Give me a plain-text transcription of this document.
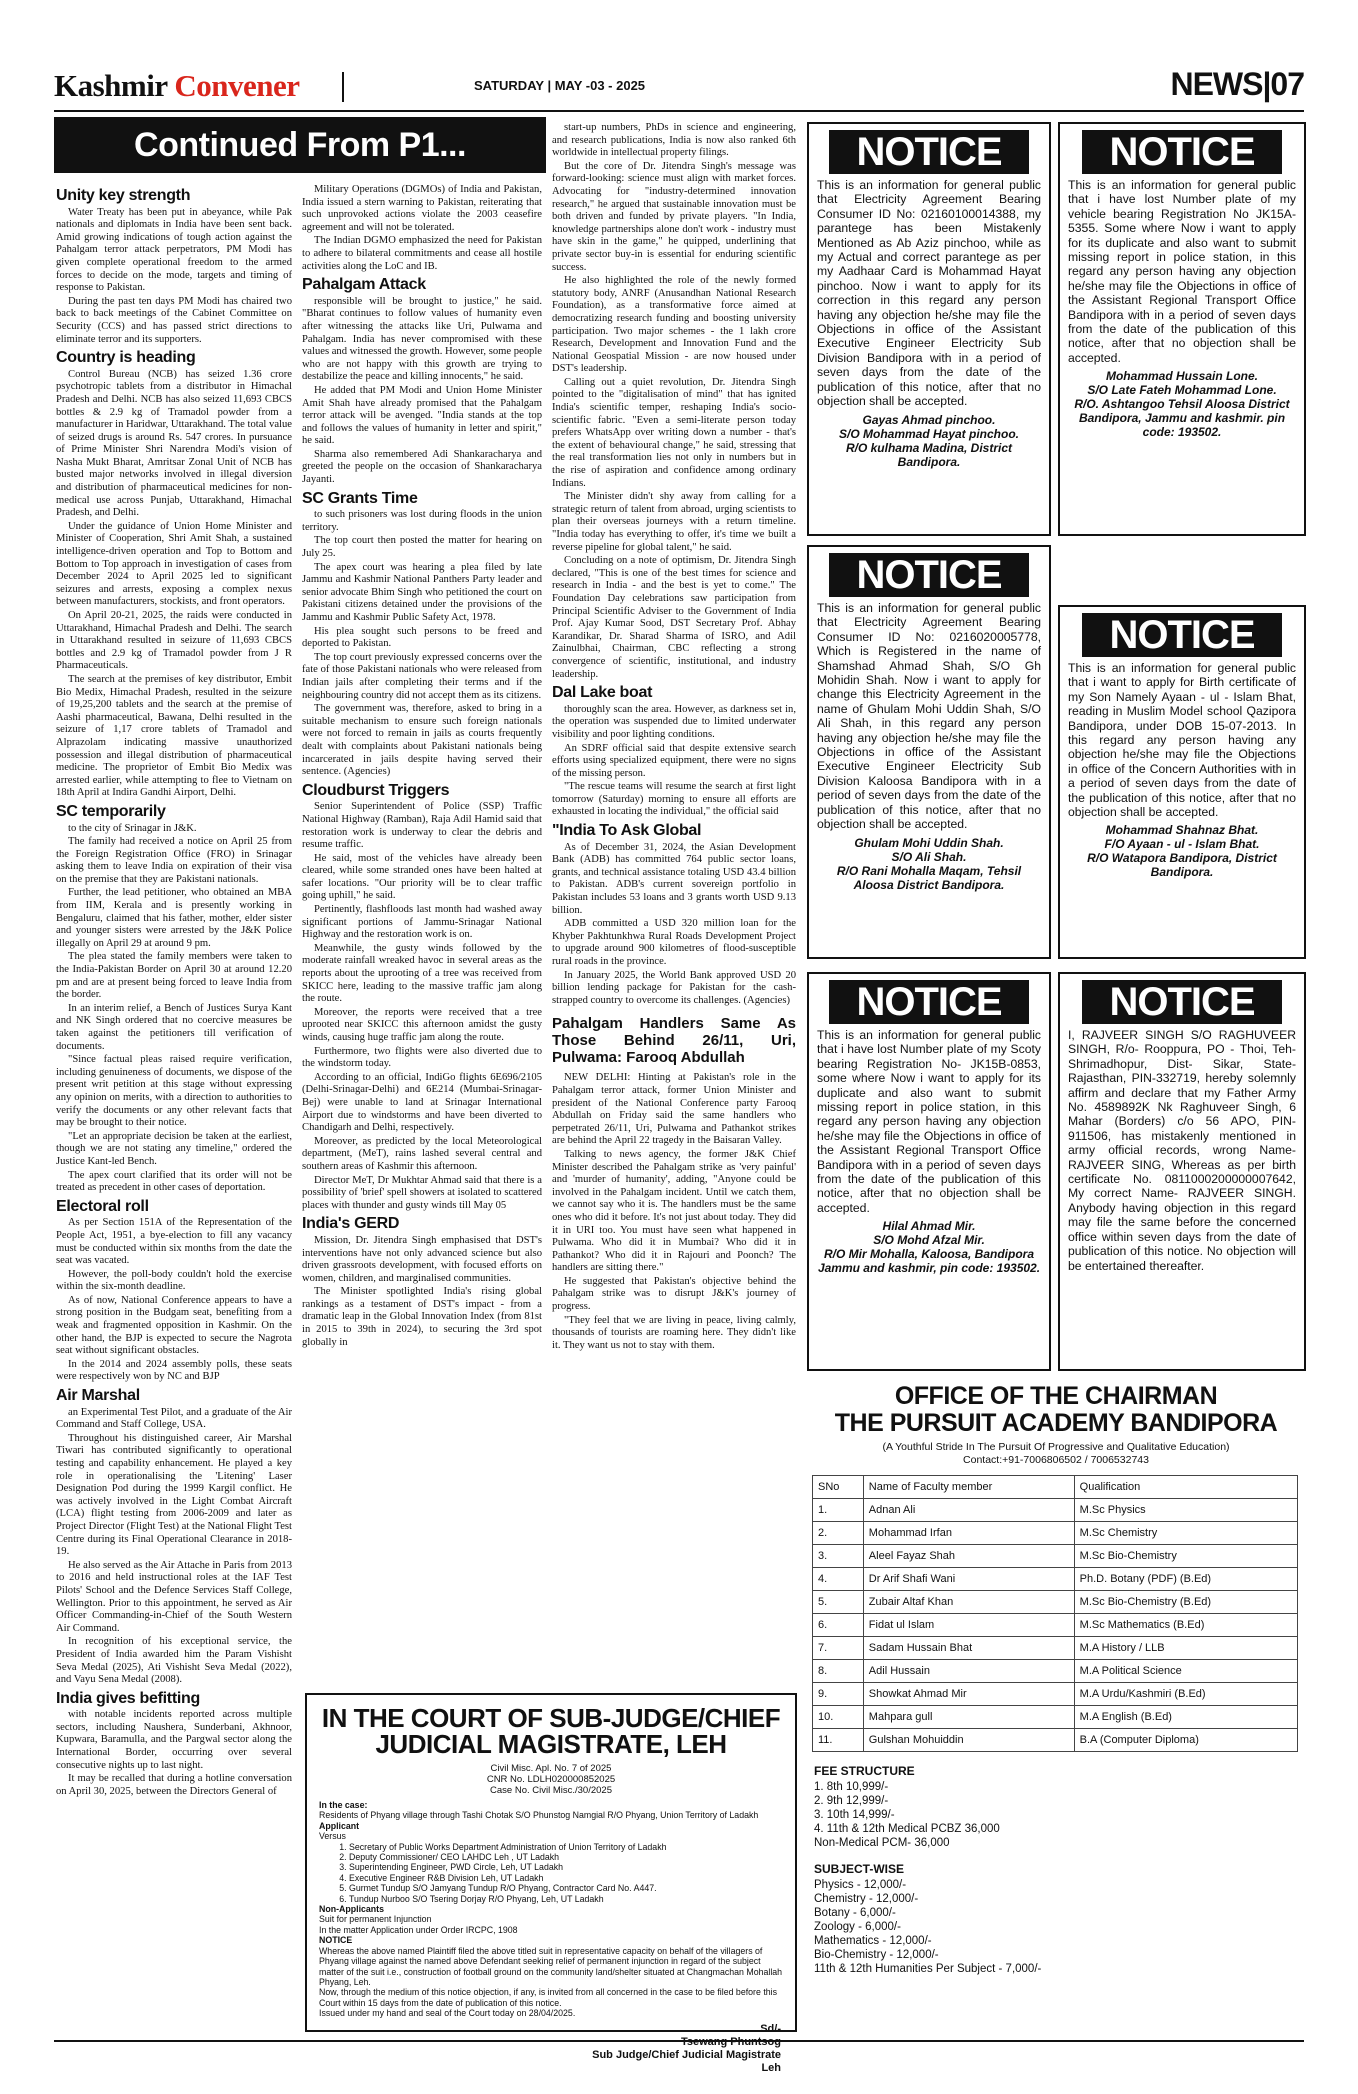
Kashmir Convener	SATURDAY | MAY -03 - 2025	NEWS|07
Continued From P1...
Unity key strength

Water Treaty has been put in abeyance, while Pak nationals and diplomats in India have been sent back. Amid growing indications of tough action against the Pahalgam terror attack perpetrators, PM Modi has given complete operational freedom to the armed forces to decide on the mode, targets and timing of response to Pakistan.

During the past ten days PM Modi has chaired two back to back meetings of the Cabinet Committee on Security (CCS) and has passed strict directions to eliminate terror and its supporters.

Country is heading

Control Bureau (NCB) has seized 1.36 crore psychotropic tablets from a distributor in Himachal Pradesh and Delhi. NCB has also seized 11,693 CBCS bottles & 2.9 kg of Tramadol powder from a manufacturer in Haridwar, Uttarakhand. The total value of seized drugs is around Rs. 547 crores. In pursuance of Prime Minister Shri Narendra Modi's vision of Nasha Mukt Bharat, Amritsar Zonal Unit of NCB has busted major networks involved in illegal diversion and distribution of pharmaceutical medicines for non-medical use across Punjab, Uttarakhand, Himachal Pradesh, and Delhi.

Under the guidance of Union Home Minister and Minister of Cooperation, Shri Amit Shah, a sustained intelligence-driven operation and Top to Bottom and Bottom to Top approach in investigation of cases from December 2024 to April 2025 led to significant seizures and arrests, exposing a complex nexus between manufacturers, stockists, and front operators.

On April 20-21, 2025, the raids were conducted in Uttarakhand, Himachal Pradesh and Delhi. The search in Uttarakhand resulted in seizure of 11,693 CBCS bottles and 2.9 kg of Tramadol powder from J R Pharmaceuticals.

The search at the premises of key distributor, Embit Bio Medix, Himachal Pradesh, resulted in the seizure of 19,25,200 tablets and the search at the premise of Aashi pharmaceutical, Bawana, Delhi resulted in the seizure of 1,17 crore tablets of Tramadol and Alprazolam indicating massive unauthorized possession and illegal distribution of pharmaceutical medicine. The proprietor of Embit Bio Medix was arrested earlier, while attempting to flee to Vietnam on 18th April at Indira Gandhi Airport, Delhi.

SC temporarily

to the city of Srinagar in J&K.

The family had received a notice on April 25 from the Foreign Registration Office (FRO) in Srinagar asking them to leave India on expiration of their visa on the premise that they are Pakistani nationals.

Further, the lead petitioner, who obtained an MBA from IIM, Kerala and is presently working in Bengaluru, claimed that his father, mother, elder sister and younger sisters were arrested by the J&K Police illegally on April 29 at around 9 pm.

The plea stated the family members were taken to the India-Pakistan Border on April 30 at around 12.20 pm and are at present being forced to leave India from the border.

In an interim relief, a Bench of Justices Surya Kant and NK Singh ordered that no coercive measures be taken against the petitioners till verification of documents.

"Since factual pleas raised require verification, including genuineness of documents, we dispose of the present writ petition at this stage without expressing any opinion on merits, with a direction to authorities to verify the documents or any other relevant facts that may be brought to their notice.

"Let an appropriate decision be taken at the earliest, though we are not stating any timeline," ordered the Justice Kant-led Bench.

The apex court clarified that its order will not be treated as precedent in other cases of deportation.

Electoral roll

As per Section 151A of the Representation of the People Act, 1951, a bye-election to fill any vacancy must be conducted within six months from the date the seat was vacated.

However, the poll-body couldn't hold the exercise within the six-month deadline.

As of now, National Conference appears to have a strong position in the Budgam seat, benefiting from a weak and fragmented opposition in Kashmir. On the other hand, the BJP is expected to secure the Nagrota seat without significant obstacles.

In the 2014 and 2024 assembly polls, these seats were respectively won by NC and BJP

Air Marshal

an Experimental Test Pilot, and a graduate of the Air Command and Staff College, USA.

Throughout his distinguished career, Air Marshal Tiwari has contributed significantly to operational testing and capability enhancement. He played a key role in operationalising the 'Litening' Laser Designation Pod during the 1999 Kargil conflict. He was actively involved in the Light Combat Aircraft (LCA) flight testing from 2006-2009 and later as Project Director (Flight Test) at the National Flight Test Centre during its Final Operational Clearance in 2018-19.

He also served as the Air Attache in Paris from 2013 to 2016 and held instructional roles at the IAF Test Pilots' School and the Defence Services Staff College, Wellington. Prior to this appointment, he served as Air Officer Commanding-in-Chief of the South Western Air Command.

In recognition of his exceptional service, the President of India awarded him the Param Vishisht Seva Medal (2025), Ati Vishisht Seva Medal (2022), and Vayu Sena Medal (2008).

India gives befitting

with notable incidents reported across multiple sectors, including Naushera, Sunderbani, Akhnoor, Kupwara, Baramulla, and the Pargwal sector along the International Border, occurring over several consecutive nights up to last night.

It may be recalled that during a hotline conversation on April 30, 2025, between the Directors General of

Military Operations (DGMOs) of India and Pakistan, India issued a stern warning to Pakistan, reiterating that such unprovoked actions violate the 2003 ceasefire agreement and will not be tolerated.

The Indian DGMO emphasized the need for Pakistan to adhere to bilateral commitments and cease all hostile activities along the LoC and IB.

Pahalgam Attack

responsible will be brought to justice," he said. "Bharat continues to follow values of humanity even after witnessing the attacks like Uri, Pulwama and Pahalgam. India has never compromised with these values and witnessed the growth. However, some people who are not happy with this growth are trying to destabilize the peace and killing innocents," he said.

He added that PM Modi and Union Home Minister Amit Shah have already promised that the Pahalgam terror attack will be avenged. "India stands at the top and follows the values of humanity in letter and spirit," he said.

Sharma also remembered Adi Shankaracharya and greeted the people on the occasion of Shankaracharya Jayanti.

SC Grants Time

to such prisoners was lost during floods in the union territory.

The top court then posted the matter for hearing on July 25.

The apex court was hearing a plea filed by late Jammu and Kashmir National Panthers Party leader and senior advocate Bhim Singh who petitioned the court on Pakistani citizens detained under the provisions of the Jammu and Kashmir Public Safety Act, 1978.

His plea sought such persons to be freed and deported to Pakistan.

The top court previously expressed concerns over the fate of those Pakistani nationals who were released from Indian jails after completing their terms and if the neighbouring country did not accept them as its citizens.

The government was, therefore, asked to bring in a suitable mechanism to ensure such foreign nationals were not forced to remain in jails as courts frequently dealt with complaints about Pakistani nationals being incarcerated in jails despite having served their sentence. (Agencies)

Cloudburst Triggers

Senior Superintendent of Police (SSP) Traffic National Highway (Ramban), Raja Adil Hamid said that restoration work is underway to clear the debris and resume traffic.

He said, most of the vehicles have already been cleared, while some stranded ones have been halted at safer locations. "Our priority will be to clear traffic going uphill," he said.

Pertinently, flashfloods last month had washed away significant portions of Jammu-Srinagar National Highway and the restoration work is on.

Meanwhile, the gusty winds followed by the moderate rainfall wreaked havoc in several areas as the reports about the uprooting of a tree was received from SKICC here, leading to the massive traffic jam along the route.

Moreover, the reports were received that a tree uprooted near SKICC this afternoon amidst the gusty winds, causing huge traffic jam along the route.

Furthermore, two flights were also diverted due to the windstorm today.

According to an official, IndiGo flights 6E696/2105 (Delhi-Srinagar-Delhi) and 6E214 (Mumbai-Srinagar-Bej) were unable to land at Srinagar International Airport due to windstorms and have been diverted to Chandigarh and Delhi, respectively.

Moreover, as predicted by the local Meteorological department, (MeT), rains lashed several central and southern areas of Kashmir this afternoon.

Director MeT, Dr Mukhtar Ahmad said that there is a possibility of 'brief' spell showers at isolated to scattered places with thunder and gusty winds till May 05

India's GERD

Mission, Dr. Jitendra Singh emphasised that DST's interventions have not only advanced science but also driven grassroots development, with focused efforts on women, children, and marginalised communities.

The Minister spotlighted India's rising global rankings as a testament of DST's impact - from a dramatic leap in the Global Innovation Index (from 81st in 2015 to 39th in 2024), to securing the 3rd spot globally in

start-up numbers, PhDs in science and engineering, and research publications, India is now also ranked 6th worldwide in intellectual property filings.

But the core of Dr. Jitendra Singh's message was forward-looking: science must align with market forces. Advocating for "industry-determined innovation research," he argued that sustainable innovation must be both driven and funded by private players. "In India, knowledge partnerships alone don't work - industry must have skin in the game," he quipped, underlining that private sector buy-in is essential for enduring scientific success.

He also highlighted the role of the newly formed statutory body, ANRF (Anusandhan National Research Foundation), as a transformative force aimed at democratizing research funding and boosting university participation. Two major schemes - the 1 lakh crore Research, Development and Innovation Fund and the National Geospatial Mission - are now housed under DST's leadership.

Calling out a quiet revolution, Dr. Jitendra Singh pointed to the "digitalisation of mind" that has ignited India's scientific temper, reshaping India's socio-scientific fabric. "Even a semi-literate person today prefers WhatsApp over writing down a number - that's the extent of behavioural change," he said, stressing that the real transformation lies not only in numbers but in the rise of aspiration and confidence among ordinary Indians.

The Minister didn't shy away from calling for a strategic return of talent from abroad, urging scientists to plan their overseas journeys with a return timeline. "India today has everything to offer, it's time we built a reverse pipeline for global talent," he said.

Concluding on a note of optimism, Dr. Jitendra Singh declared, "This is one of the best times for science and research in India - and the best is yet to come." The Foundation Day celebrations saw participation from Principal Scientific Adviser to the Government of India Prof. Ajay Kumar Sood, DST Secretary Prof. Abhay Karandikar, Dr. Sharad Sharma of ISRO, and Adil Zainulbhai, Chairman, CBC reflecting a strong convergence of scientific, institutional, and industry leadership.

Dal Lake boat

thoroughly scan the area. However, as darkness set in, the operation was suspended due to limited underwater visibility and poor lighting conditions.

An SDRF official said that despite extensive search efforts using specialized equipment, there were no signs of the missing person.

"The rescue teams will resume the search at first light tomorrow (Saturday) morning to ensure all efforts are exhausted in locating the individual," the official said

"India To Ask Global

As of December 31, 2024, the Asian Development Bank (ADB) has committed 764 public sector loans, grants, and technical assistance totaling USD 43.4 billion to Pakistan. ADB's current sovereign portfolio in Pakistan includes 53 loans and 3 grants worth USD 9.13 billion.

ADB committed a USD 320 million loan for the Khyber Pakhtunkhwa Rural Roads Development Project to upgrade around 900 kilometres of flood-susceptible rural roads in the province.

In January 2025, the World Bank approved USD 20 billion lending package for Pakistan for the cash-strapped country to overcome its challenges. (Agencies)

Pahalgam Handlers Same As Those Behind 26/11, Uri, Pulwama: Farooq Abdullah

NEW DELHI: Hinting at Pakistan's role in the Pahalgam terror attack, former Union Minister and president of the National Conference party Farooq Abdullah on Friday said the same handlers who perpetrated 26/11, Uri, Pulwama and Pathankot strikes are behind the April 22 tragedy in the Baisaran Valley.

Talking to news agency, the former J&K Chief Minister described the Pahalgam strike as 'very painful' and 'murder of humanity', adding, "Anyone could be involved in the Pahalgam incident. Until we catch them, we cannot say who it is. The handlers must be the same ones who did it before. It's not just about today. They did it in URI too. You must have seen what happened in Pulwama. Who did it in Mumbai? Who did it in Pathankot? Who did it in Rajouri and Poonch? The handlers are sitting there."

He suggested that Pakistan's objective behind the Pahalgam strike was to disrupt J&K's journey of progress.

"They feel that we are living in peace, living calmly, thousands of tourists are roaming here. They didn't like it. They want us not to stay with them.

NOTICE
This is an information for general public that Electricity Agreement Bearing Consumer ID No: 02160100014388, my parantege has been Mistakenly Mentioned as Ab Aziz pinchoo, while as my Actual and correct parantege as per my Aadhaar Card is Mohammad Hayat pinchoo. Now i want to apply for its correction in this regard any person having any objection he/she may file the Objections in office of the Assistant Executive Engineer Electricity Sub Division Bandipora with in a period of seven days from the date of the publication of this notice, after that no objection shall be accepted.
Gayas Ahmad pinchoo.
S/O Mohammad Hayat pinchoo.
R/O kulhama Madina, District Bandipora.
NOTICE
This is an information for general public that i have lost Number plate of my vehicle bearing Registration No JK15A-5355. Some where Now i want to apply for its duplicate and also want to submit missing report in police station, in this regard any person having any objection he/she may file the Objections in office of the Assistant Regional Transport Office Bandipora with in a period of seven days from the date of the publication of this notice, after that no objection shall be accepted.
Mohammad Hussain Lone.
S/O Late Fateh Mohammad Lone.
R/O. Ashtangoo Tehsil Aloosa District Bandipora, Jammu and kashmir. pin code: 193502.
NOTICE
This is an information for general public that Electricity Agreement Bearing Consumer ID No: 0216020005778, Which is Registered in the name of Shamshad Ahmad Shah, S/O Gh Mohidin Shah. Now i want to apply for change this Electricity Agreement in the name of Ghulam Mohi Uddin Shah, S/O Ali Shah, in this regard any person having any objection he/she may file the Objections in office of the Assistant Executive Engineer Electricity Sub Division Kaloosa Bandipora with in a period of seven days from the date of the publication of this notice, after that no objection shall be accepted.
Ghulam Mohi Uddin Shah.
S/O Ali Shah.
R/O Rani Mohalla Maqam, Tehsil Aloosa District Bandipora.
NOTICE
This is an information for general public that i want to apply for Birth certificate of my Son Namely Ayaan - ul - Islam Bhat, reading in Muslim Model school Qazipora Bandipora, under DOB 15-07-2013. In this regard any person having any objection he/she may file the Objections in office of the Concern Authorities with in a period of seven days from the date of the publication of this notice, after that no objection shall be accepted.
Mohammad Shahnaz Bhat.
F/O Ayaan - ul - Islam Bhat.
R/O Watapora Bandipora, District Bandipora.
NOTICE
This is an information for general public that i have lost Number plate of my Scoty bearing Registration No- JK15B-0853, some where Now i want to apply for its duplicate and also want to submit missing report in police station, in this regard any person having any objection he/she may file the Objections in office of the Assistant Regional Transport Office Bandipora with in a period of seven days from the date of the publication of this notice, after that no objection shall be accepted.
Hilal Ahmad Mir.
S/O Mohd Afzal Mir.
R/O Mir Mohalla, Kaloosa, Bandipora Jammu and kashmir, pin code: 193502.
NOTICE
I, RAJVEER SINGH S/O RAGHUVEER SINGH, R/o- Rooppura, PO - Thoi, Teh- Shrimadhopur, Dist- Sikar, State- Rajasthan, PIN-332719, hereby solemnly affirm and declare that my Father Army No. 4589892K Nk Raghuveer Singh, 6 Mahar (Borders) c/o 56 APO, PIN- 911506, has mistakenly mentioned in army official records, wrong Name- RAJVEER SING, Whereas as per birth certificate No. 0811000200000007642, My correct Name- RAJVEER SINGH. Anybody having objection in this regard may file the same before the concerned office within seven days from the date of publication of this notice. No objection will be entertained thereafter.
IN THE COURT OF SUB-JUDGE/CHIEF JUDICIAL MAGISTRATE, LEH
Civil Misc. Apl. No. 7 of 2025
CNR No. LDLH020000852025
Case No. Civil Misc./30/2025
In the case:
Residents of Phyang village through Tashi Chotak S/O Phunstog Namgial R/O Phyang, Union Territory of Ladakh
Applicant
Versus
1. Secretary of Public Works Department Administration of Union Territory of Ladakh
2. Deputy Commissioner/ CEO LAHDC Leh , UT Ladakh
3. Superintending Engineer, PWD Circle, Leh, UT Ladakh
4. Executive Engineer R&B Division Leh, UT Ladakh
5. Gurmet Tundup S/O Jamyang Tundup R/O Phyang, Contractor Card No. A447.
6. Tundup Nurboo S/O Tsering Dorjay R/O Phyang, Leh, UT Ladakh
Non-Applicants
Suit for permanent Injunction
In the matter Application under Order IRCPC, 1908
NOTICE
Whereas the above named Plaintiff filed the above titled suit in representative capacity on behalf of the villagers of Phyang village against the named above Defendant seeking relief of permanent injunction in regard of the subject matter of the suit i.e., construction of football ground on the community land/shelter situated at Changmachan Mohallah Phyang, Leh.
Now, through the medium of this notice objection, if any, is invited from all concerned in the case to be filed before this Court within 15 days from the date of publication of this notice.
Issued under my hand and seal of the Court today on 28/04/2025.
Sd/-
Sub Judge/Chief Judicial Magistrate
Leh
OFFICE OF THE CHAIRMAN
THE PURSUIT ACADEMY BANDIPORA
(A Youthful Stride In The Pursuit Of Progressive and Qualitative Education)
Contact:+91-7006806502 / 7006532743
SNo	Name of Faculty member	Qualification
1.	Adnan Ali	M.Sc Physics
2.	Mohammad Irfan	M.Sc Chemistry
3.	Aleel Fayaz Shah	M.Sc Bio-Chemistry
4.	Dr Arif Shafi Wani	Ph.D. Botany (PDF) (B.Ed)
5.	Zubair Altaf Khan	M.Sc Bio-Chemistry (B.Ed)
6.	Fidat ul Islam	M.Sc Mathematics (B.Ed)
7.	Sadam Hussain Bhat	M.A History / LLB
8.	Adil Hussain	M.A Political Science
9.	Showkat Ahmad Mir	M.A Urdu/Kashmiri (B.Ed)
10.	Mahpara gull	M.A English (B.Ed)
11.	Gulshan Mohuiddin	B.A (Computer Diploma)
FEE STRUCTURE
1. 8th 10,999/-
2. 9th 12,999/-
3. 10th 14,999/-
4. 11th & 12th Medical PCBZ 36,000
Non-Medical PCM- 36,000
SUBJECT-WISE
Physics - 12,000/-
Chemistry - 12,000/-
Botany - 6,000/-
Zoology - 6,000/-
Mathematics - 12,000/-
Bio-Chemistry - 12,000/-
11th & 12th Humanities Per Subject - 7,000/-
